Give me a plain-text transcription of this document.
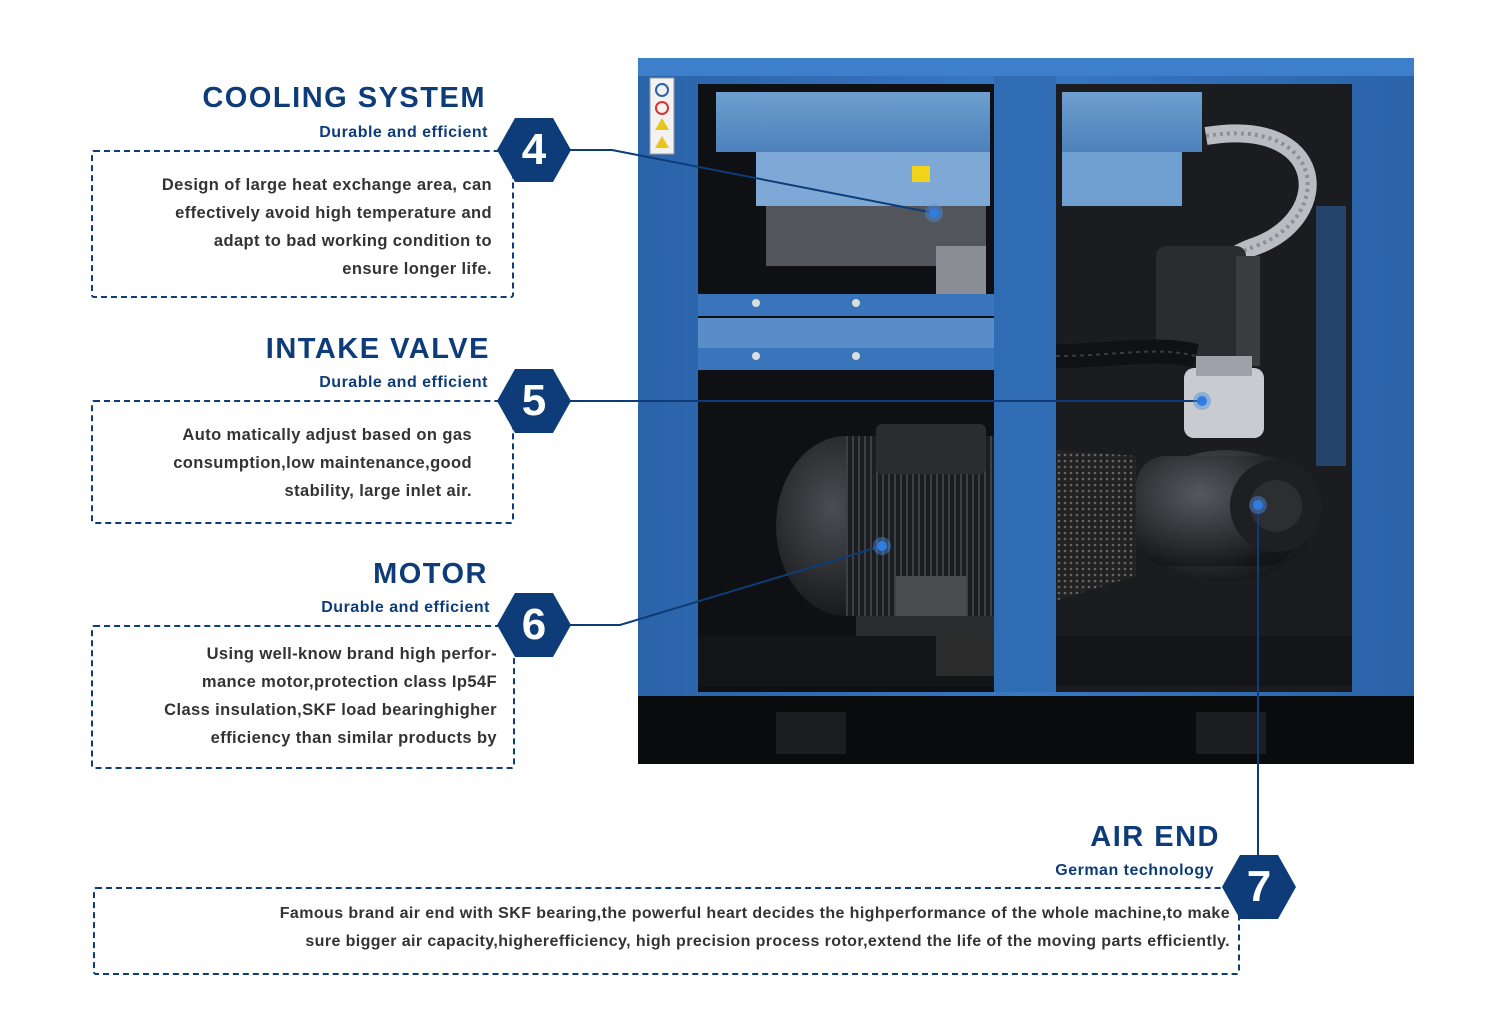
COOLING SYSTEM
Durable and efficient
Design of large heat exchange area, can
effectively avoid high temperature and
adapt to bad working condition to
ensure longer life.
4
INTAKE VALVE
Durable and efficient
Auto matically adjust based on gas
consumption,low maintenance,good
stability, large inlet air.
5
MOTOR
Durable and efficient
Using well-know brand high perfor-
mance motor,protection class Ip54F
Class insulation,SKF load bearinghigher
efficiency than similar products by
6
AIR END
German technology
Famous brand air end with SKF bearing,the powerful heart decides the highperformance of the whole machine,to make
sure bigger air capacity,higherefficiency, high precision process rotor,extend the life of the moving parts efficiently.
7
